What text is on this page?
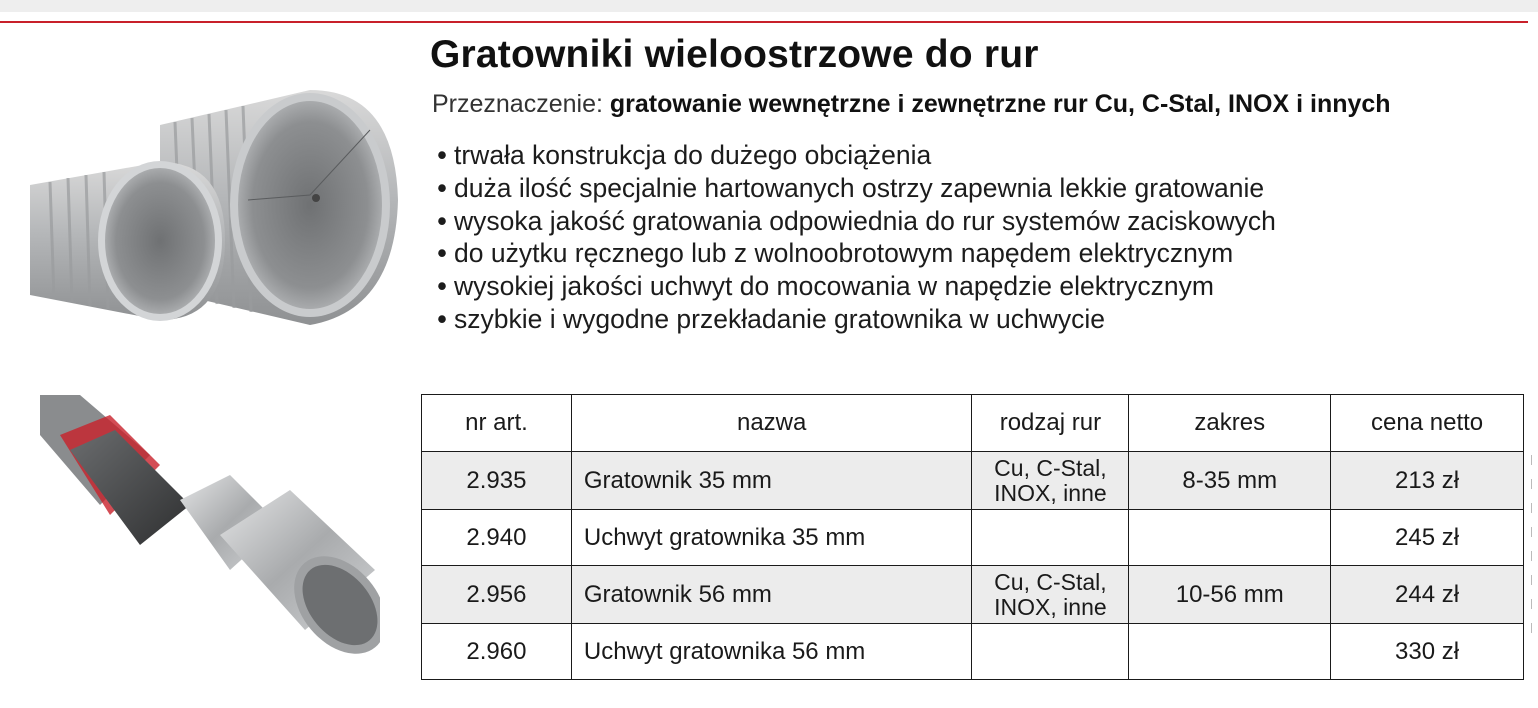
Gratowniki wieloostrzowe do rur
Przeznaczenie: gratowanie wewnętrzne i zewnętrzne rur Cu, C-Stal, INOX i innych
• trwała konstrukcja do dużego obciążenia
• duża ilość specjalnie hartowanych ostrzy zapewnia lekkie gratowanie
• wysoka jakość gratowania odpowiednia do rur systemów zaciskowych
• do użytku ręcznego lub z wolnoobrotowym napędem elektrycznym
• wysokiej jakości uchwyt do mocowania w napędzie elektrycznym
• szybkie i wygodne przekładanie gratownika w uchwycie
nr art.	nazwa	rodzaj rur	zakres	cena netto
2.935	Gratownik 35 mm	Cu, C-Stal,
INOX, inne	8-35 mm	213 zł
2.940	Uchwyt gratownika 35 mm			245 zł
2.956	Gratownik 56 mm	Cu, C-Stal,
INOX, inne	10-56 mm	244 zł
2.960	Uchwyt gratownika 56 mm			330 zł
